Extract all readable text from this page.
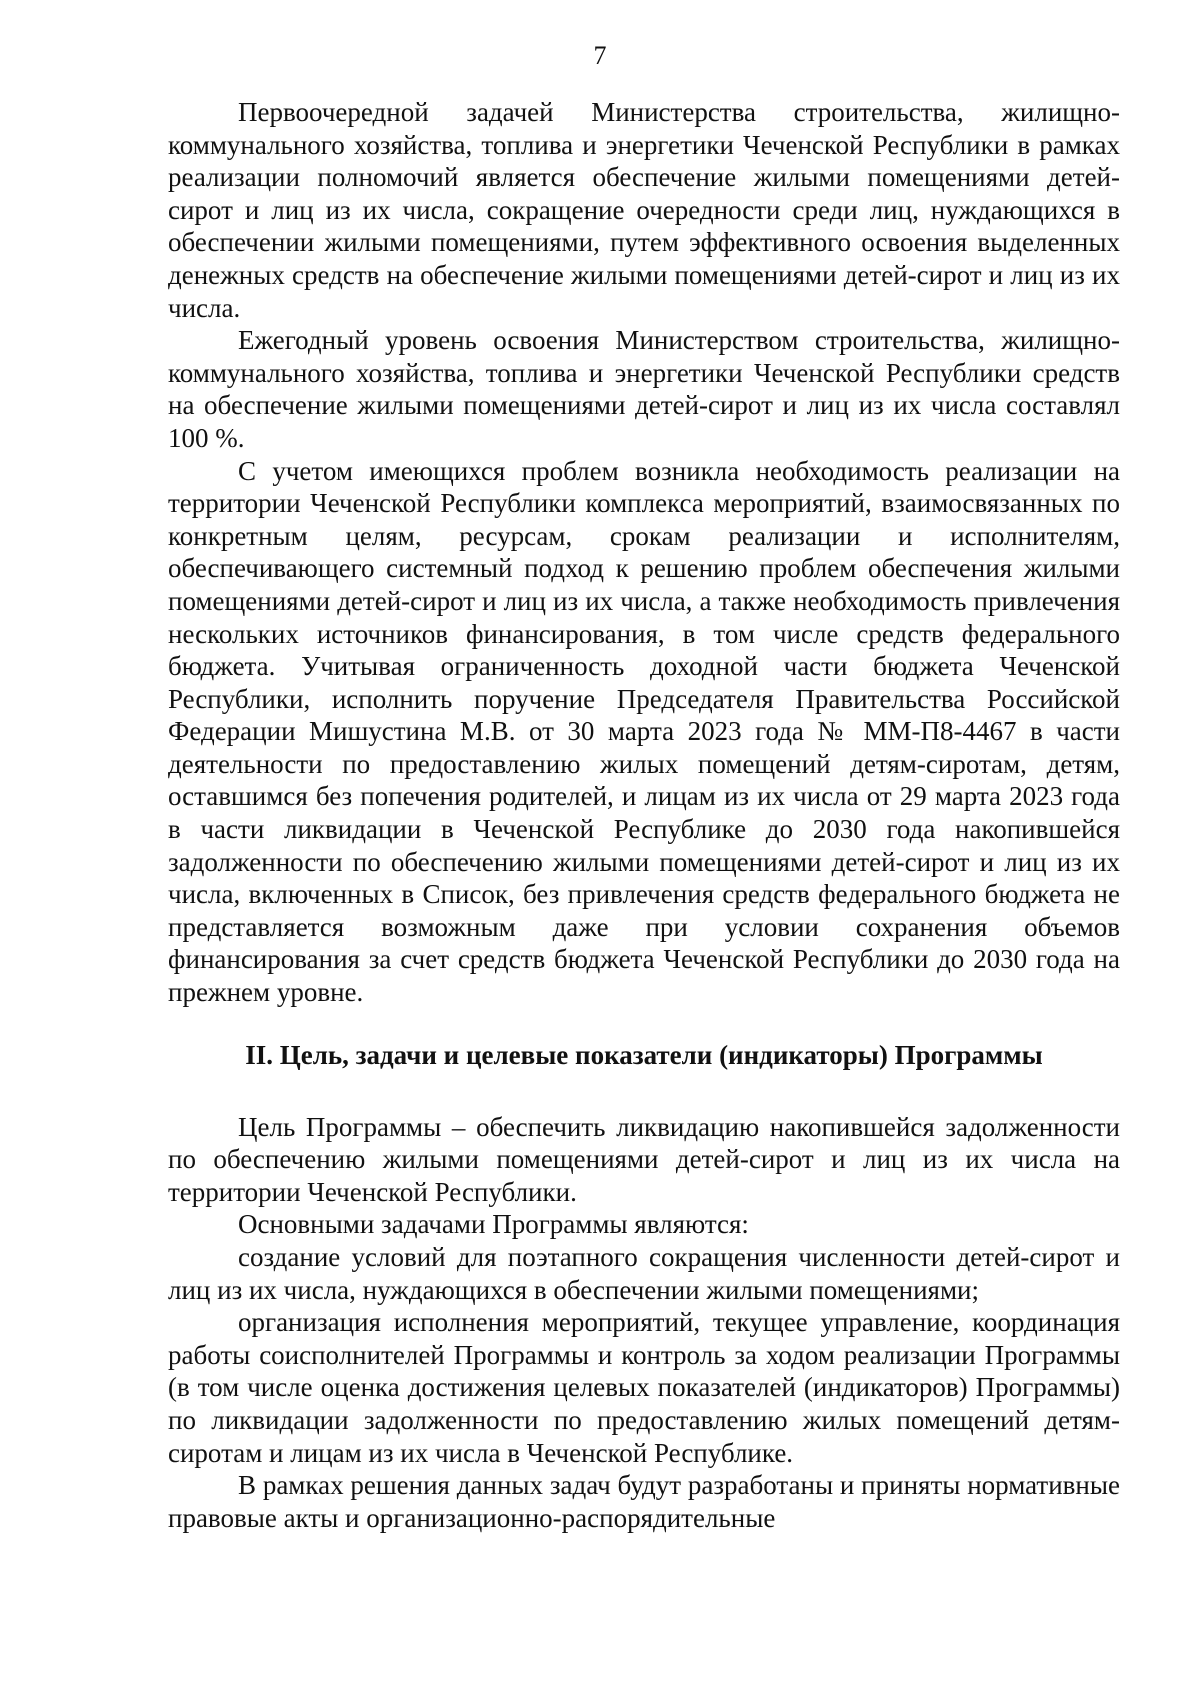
7

Первоочередной задачей Министерства строительства, жилищно-коммунального хозяйства, топлива и энергетики Чеченской Республики в рамках реализации полномочий является обеспечение жилыми помещениями детей-сирот и лиц из их числа, сокращение очередности среди лиц, нуждающихся в обеспечении жилыми помещениями, путем эффективного освоения выделенных денежных средств на обеспечение жилыми помещениями детей-сирот и лиц из их числа.

Ежегодный уровень освоения Министерством строительства, жилищно-коммунального хозяйства, топлива и энергетики Чеченской Республики средств на обеспечение жилыми помещениями детей-сирот и лиц из их числа составлял 100 %.

С учетом имеющихся проблем возникла необходимость реализации на территории Чеченской Республики комплекса мероприятий, взаимосвязанных по конкретным целям, ресурсам, срокам реализации и исполнителям, обеспечивающего системный подход к решению проблем обеспечения жилыми помещениями детей-сирот и лиц из их числа, а также необходимость привлечения нескольких источников финансирования, в том числе средств федерального бюджета. Учитывая ограниченность доходной части бюджета Чеченской Республики, исполнить поручение Председателя Правительства Российской Федерации Мишустина М.В. от 30 марта 2023 года № ММ-П8-4467 в части деятельности по предоставлению жилых помещений детям-сиротам, детям, оставшимся без попечения родителей, и лицам из их числа от 29 марта 2023 года в части ликвидации в Чеченской Республике до 2030 года накопившейся задолженности по обеспечению жилыми помещениями детей-сирот и лиц из их числа, включенных в Список, без привлечения средств федерального бюджета не представляется возможным даже при условии сохранения объемов финансирования за счет средств бюджета Чеченской Республики до 2030 года на прежнем уровне.

II. Цель, задачи и целевые показатели (индикаторы) Программы

Цель Программы – обеспечить ликвидацию накопившейся задолженности по обеспечению жилыми помещениями детей-сирот и лиц из их числа на территории Чеченской Республики.

Основными задачами Программы являются:

создание условий для поэтапного сокращения численности детей-сирот и лиц из их числа, нуждающихся в обеспечении жилыми помещениями;

организация исполнения мероприятий, текущее управление, координация работы соисполнителей Программы и контроль за ходом реализации Программы (в том числе оценка достижения целевых показателей (индикаторов) Программы) по ликвидации задолженности по предоставлению жилых помещений детям-сиротам и лицам из их числа в Чеченской Республике.

В рамках решения данных задач будут разработаны и приняты нормативные правовые акты и организационно-распорядительные
